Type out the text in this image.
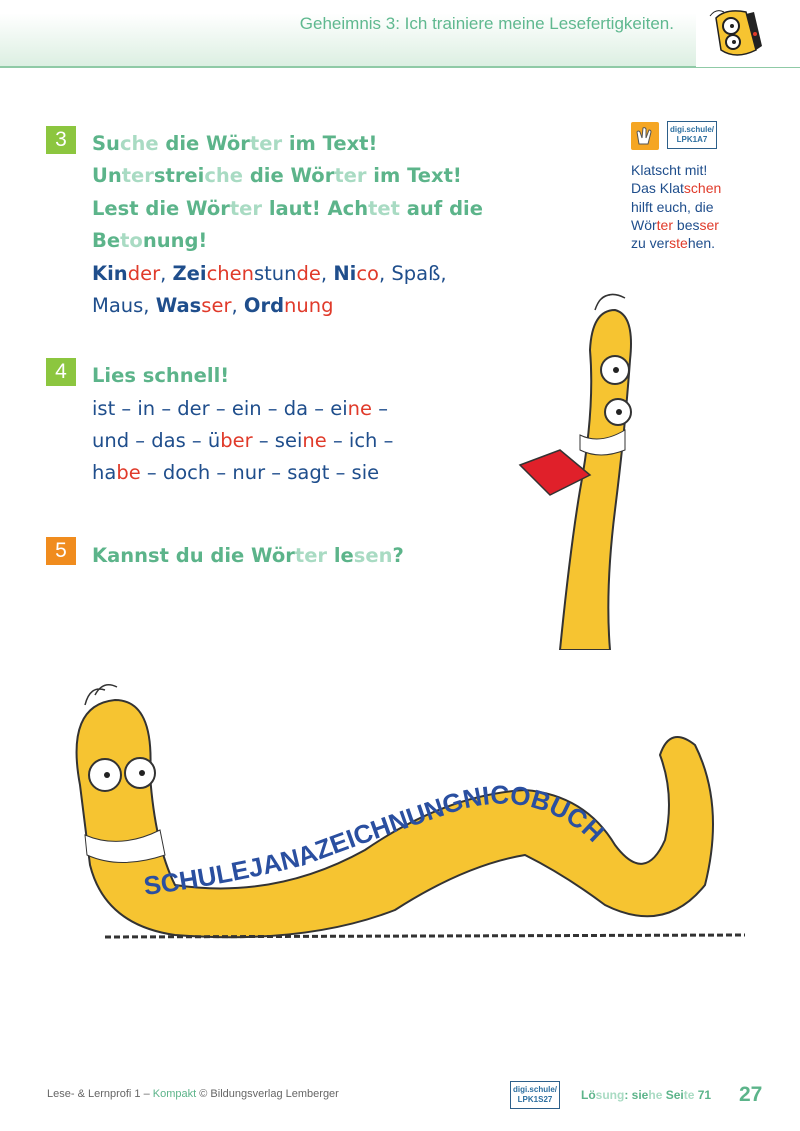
Geheimnis 3: Ich trainiere meine Lesefertigkeiten.
3	Suche die Wörter im Text!
Unterstreiche die Wörter im Text!
Lest die Wörter laut! Achtet auf die
Betonung!
Kinder, Zeichenstunde, Nico, Spaß,
Maus, Wasser, Ordnung
4	Lies schnell!
ist – in – der – ein – da – eine –
und – das – über – seine – ich –
habe – doch – nur – sagt – sie
5	Kannst du die Wörter lesen?
digi.schule/
LPK1A7
Klatscht mit!
Das Klatschen
hilft euch, die
Wörter besser
zu verstehen.
SCHULEJANAZEICHNUNGNICOBUCH
Lese- & Lernprofi 1 – Kompakt © Bildungsverlag Lemberger	digi.schule/
LPK1S27	Lösung: siehe Seite 71 27
